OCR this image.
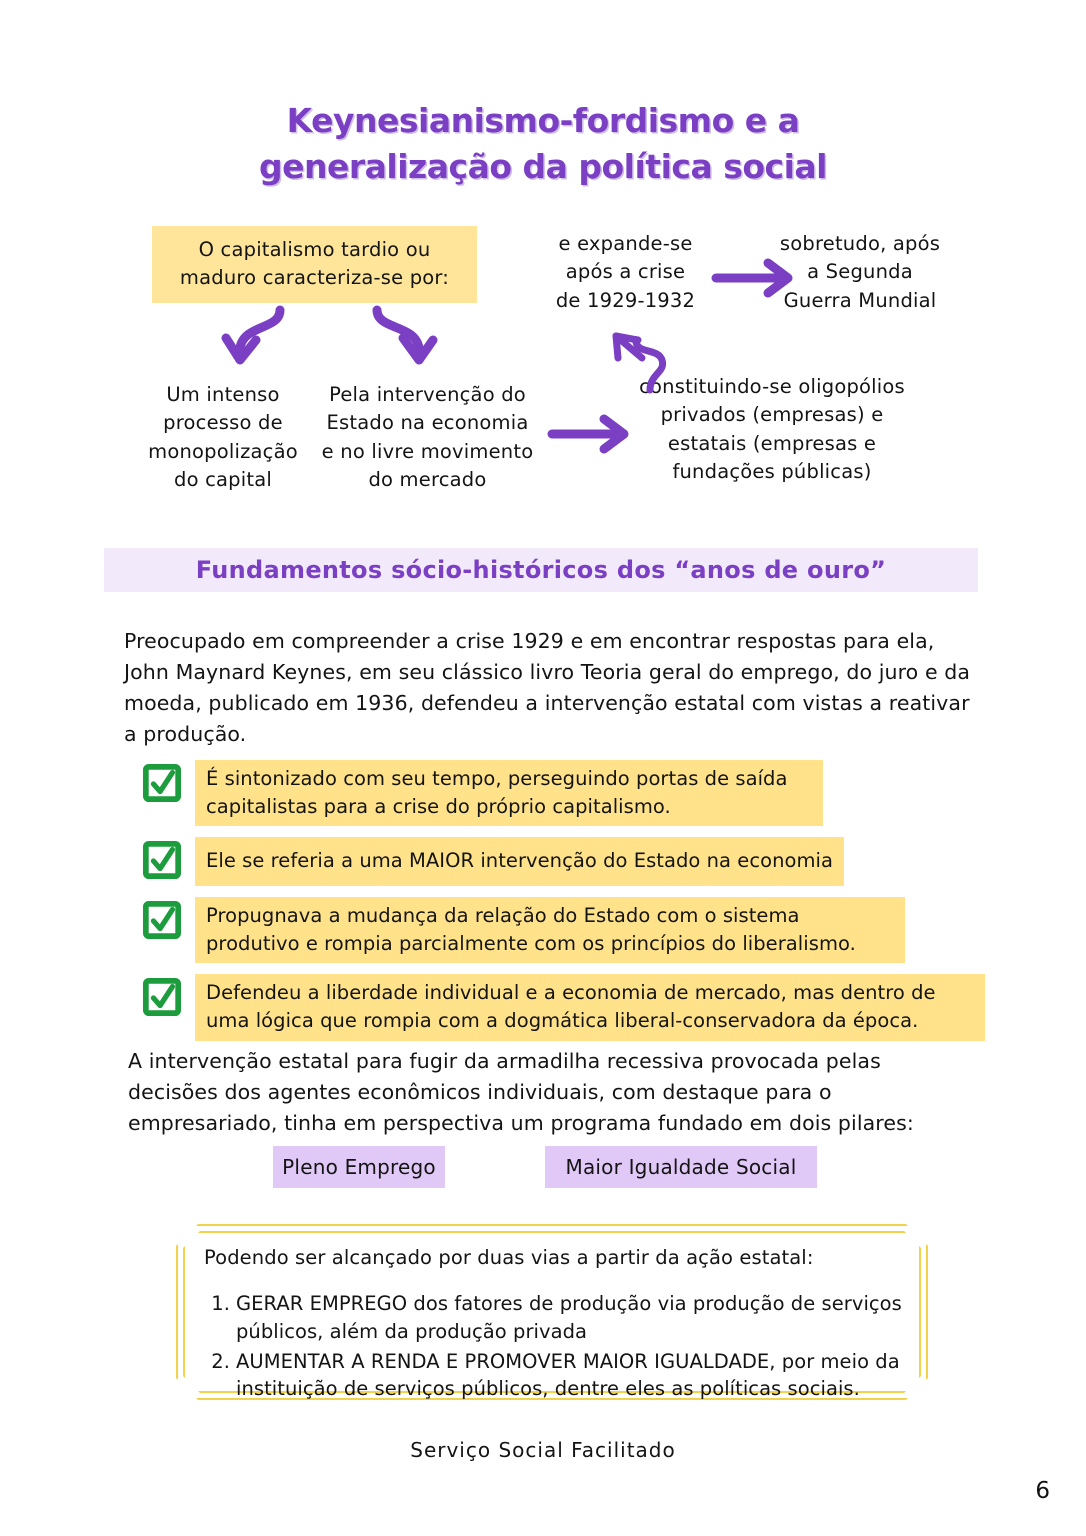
Keynesianismo-fordismo e a
generalização da política social
O capitalismo tardio ou
maduro caracteriza-se por:
e expande-se
após a crise
de 1929-1932
sobretudo, após
a Segunda
Guerra Mundial
Um intenso
processo de
monopolização
do capital
Pela intervenção do
Estado na economia
e no livre movimento
do mercado
constituindo-se oligopólios
privados (empresas) e
estatais (empresas e
fundações públicas)
Fundamentos sócio-históricos dos “anos de ouro”
Preocupado em compreender a crise 1929 e em encontrar respostas para ela, John Maynard Keynes, em seu clássico livro Teoria geral do emprego, do juro e da moeda, publicado em 1936, defendeu a intervenção estatal com vistas a reativar a produção.
É sintonizado com seu tempo, perseguindo portas de saída capitalistas para a crise do próprio capitalismo.
Ele se referia a uma MAIOR intervenção do Estado na economia
Propugnava a mudança da relação do Estado com o sistema produtivo e rompia parcialmente com os princípios do liberalismo.
Defendeu a liberdade individual e a economia de mercado, mas dentro de uma lógica que rompia com a dogmática liberal-conservadora da época.
A intervenção estatal para fugir da armadilha recessiva provocada pelas decisões dos agentes econômicos individuais, com destaque para o empresariado, tinha em perspectiva um programa fundado em dois pilares:
Pleno Emprego	Maior Igualdade Social
Podendo ser alcançado por duas vias a partir da ação estatal:
1. GERAR EMPREGO dos fatores de produção via produção de serviços públicos, além da produção privada
2. AUMENTAR A RENDA E PROMOVER MAIOR IGUALDADE, por meio da instituição de serviços públicos, dentre eles as políticas sociais.
Serviço Social Facilitado
6
